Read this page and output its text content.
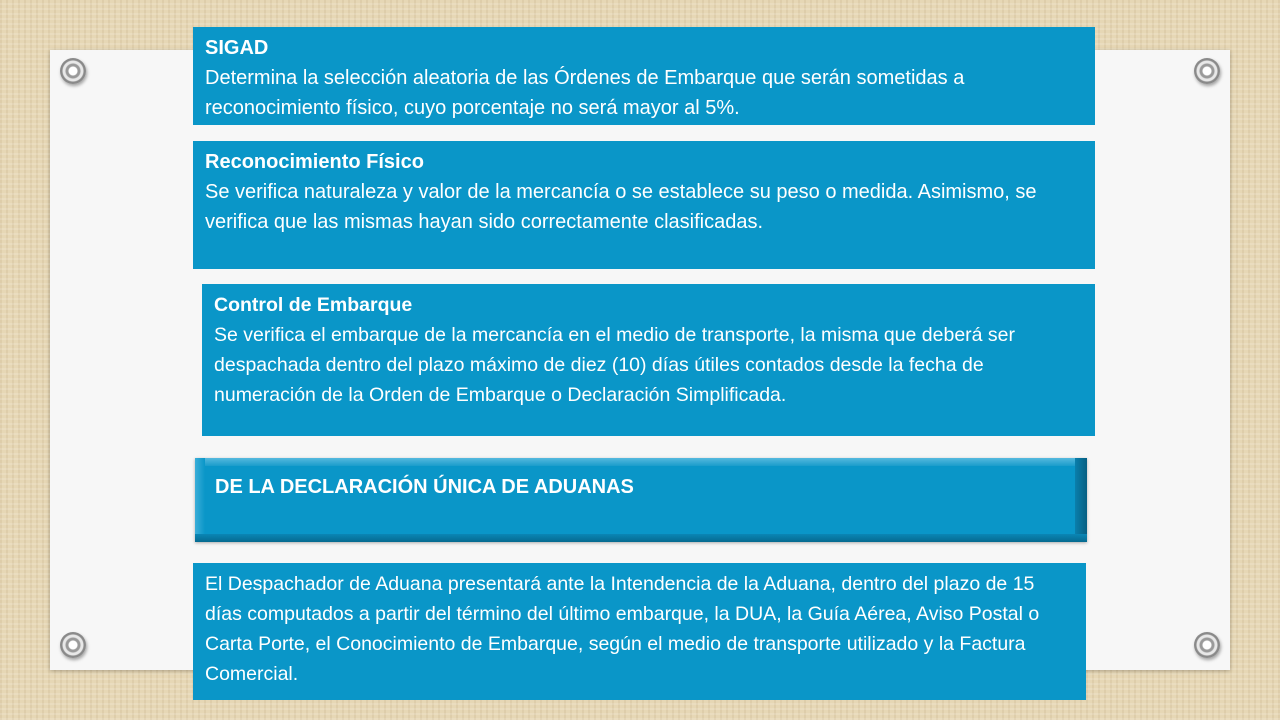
SIGAD
Determina la selección aleatoria de las Órdenes de Embarque que serán sometidas a reconocimiento físico, cuyo porcentaje no será mayor al 5%.
Reconocimiento Físico
Se verifica naturaleza y valor de la mercancía o se establece su peso o medida. Asimismo, se verifica que las mismas hayan sido correctamente clasificadas.
Control de Embarque
Se verifica el embarque de la mercancía en el medio de transporte, la misma que deberá ser despachada dentro del plazo máximo de diez (10) días útiles contados desde la fecha de numeración de la Orden de Embarque o Declaración Simplificada.
DE LA DECLARACIÓN ÚNICA DE ADUANAS
El Despachador de Aduana presentará ante la Intendencia de la Aduana, dentro del plazo de 15 días computados a partir del término del último embarque, la DUA, la Guía Aérea, Aviso Postal o Carta Porte, el Conocimiento de Embarque, según el medio de transporte utilizado y la Factura Comercial.
